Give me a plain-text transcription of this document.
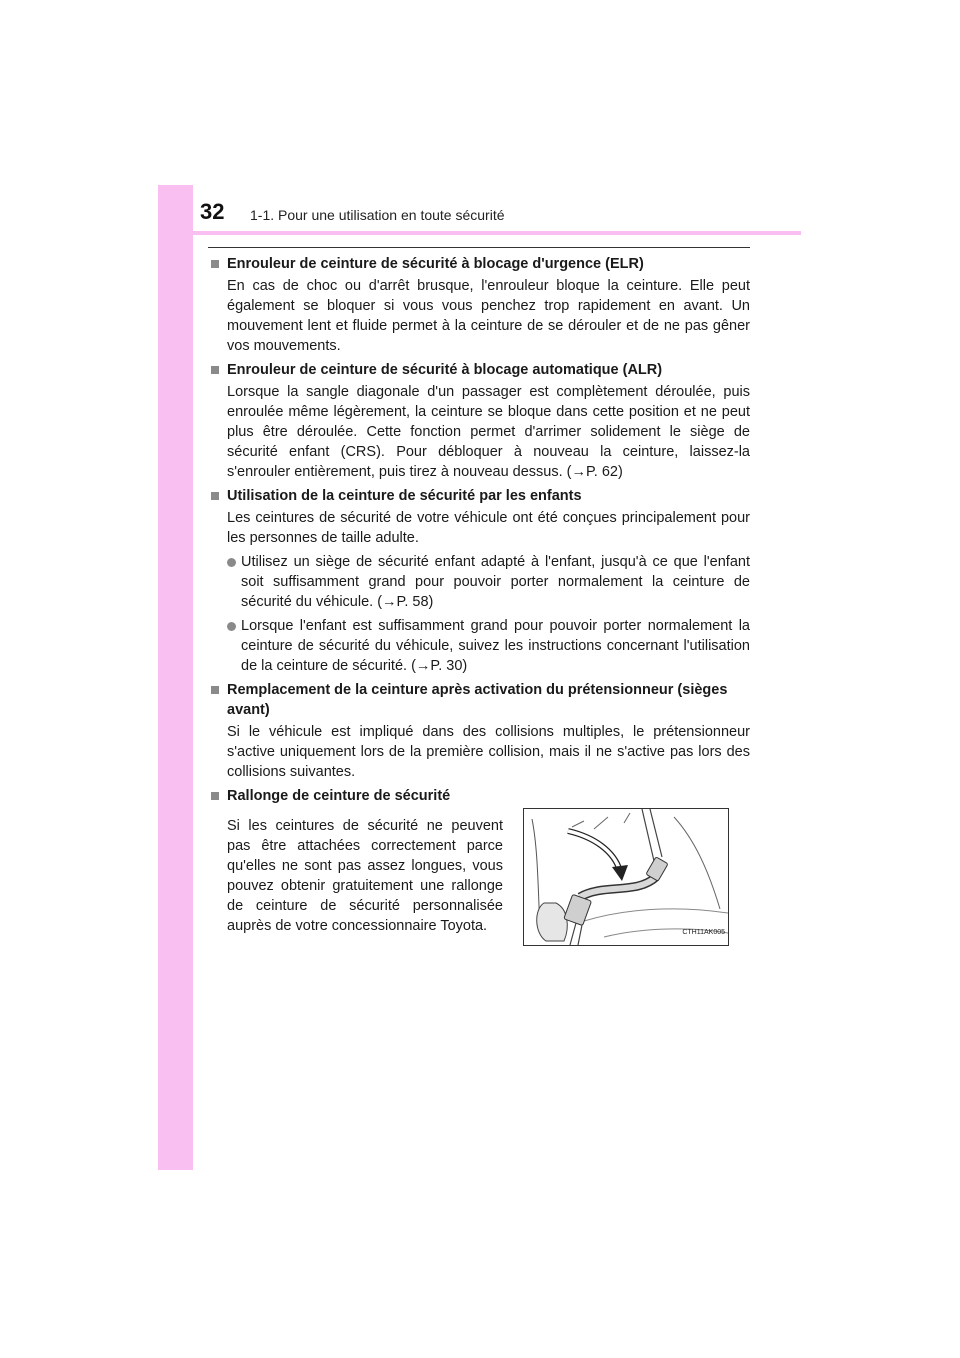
32 1-1. Pour une utilisation en toute sécurité
Enrouleur de ceinture de sécurité à blocage d'urgence (ELR)

En cas de choc ou d'arrêt brusque, l'enrouleur bloque la ceinture. Elle peut également se bloquer si vous vous penchez trop rapidement en avant. Un mouvement lent et fluide permet à la ceinture de se dérouler et de ne pas gêner vos mouvements.

Enrouleur de ceinture de sécurité à blocage automatique (ALR)

Lorsque la sangle diagonale d'un passager est complètement déroulée, puis enroulée même légèrement, la ceinture se bloque dans cette position et ne peut plus être déroulée. Cette fonction permet d'arrimer solidement le siège de sécurité enfant (CRS). Pour débloquer à nouveau la ceinture, laissez-la s'enrouler entièrement, puis tirez à nouveau dessus. (→P. 62)

Utilisation de la ceinture de sécurité par les enfants

Les ceintures de sécurité de votre véhicule ont été conçues principalement pour les personnes de taille adulte.

Utilisez un siège de sécurité enfant adapté à l'enfant, jusqu'à ce que l'enfant soit suffisamment grand pour pouvoir porter normalement la ceinture de sécurité du véhicule. (→P. 58)
Lorsque l'enfant est suffisamment grand pour pouvoir porter normalement la ceinture de sécurité du véhicule, suivez les instructions concernant l'utilisation de la ceinture de sécurité. (→P. 30)
Remplacement de la ceinture après activation du prétensionneur (sièges avant)

Si le véhicule est impliqué dans des collisions multiples, le prétensionneur s'active uniquement lors de la première collision, mais il ne s'active pas lors des collisions suivantes.

Rallonge de ceinture de sécurité
Si les ceintures de sécurité ne peuvent pas être attachées correctement parce qu'elles ne sont pas assez longues, vous pouvez obtenir gratuitement une rallonge de ceinture de sécurité personnalisée auprès de votre concessionnaire Toyota.	CTH11AK005
